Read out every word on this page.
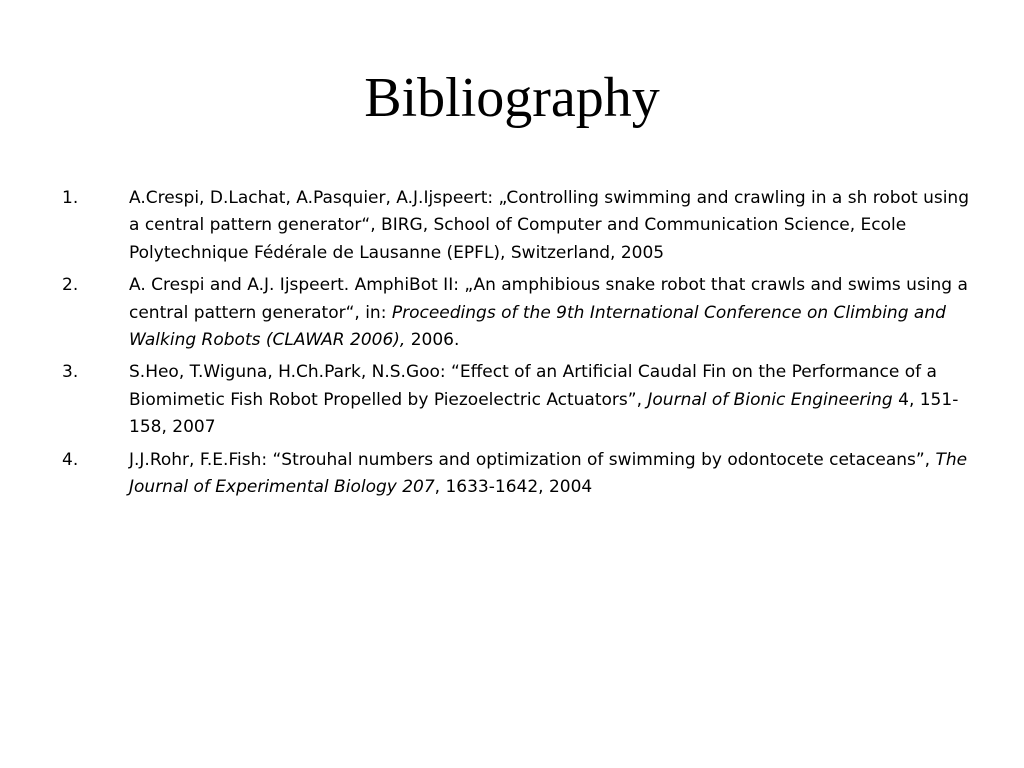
Bibliography
1.	A.Crespi, D.Lachat, A.Pasquier, A.J.Ijspeert: „Controlling swimming and crawling in a sh robot using a central pattern generator“, BIRG, School of Computer and Communication Science, Ecole Polytechnique Fédérale de Lausanne (EPFL), Switzerland, 2005
2.	A. Crespi and A.J. Ijspeert. AmphiBot II: „An amphibious snake robot that crawls and swims using a central pattern generator“, in: Proceedings of the 9th International Conference on Climbing and Walking Robots (CLAWAR 2006), 2006.
3.	S.Heo, T.Wiguna, H.Ch.Park, N.S.Goo: “Effect of an Artificial Caudal Fin on the Performance of a Biomimetic Fish Robot Propelled by Piezoelectric Actuators”, Journal of Bionic Engineering 4, 151-158, 2007
4.	J.J.Rohr, F.E.Fish: “Strouhal numbers and optimization of swimming by odontocete cetaceans”, The Journal of Experimental Biology 207, 1633-1642, 2004
